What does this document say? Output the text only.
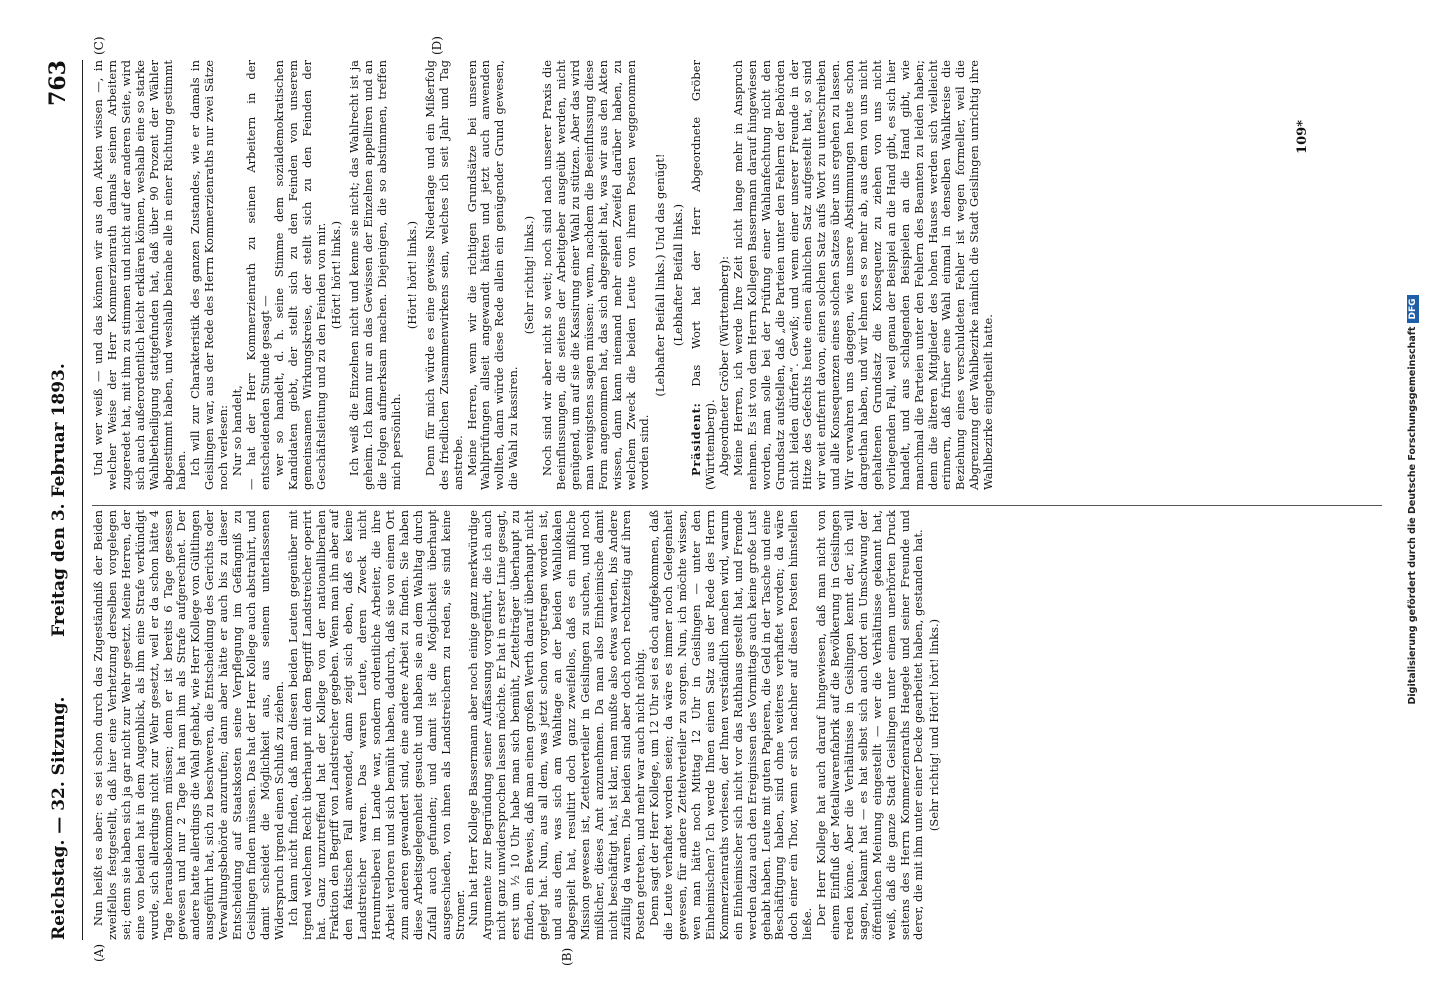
Reichstag. — 32. Sitzung.
Freitag den 3. Februar 1893.
763
(A)	(B)
(C)	(D)

Nun heißt es aber: es sei schon durch das Zugeständniß der Beiden zweifellos festgestellt, daß hier eine Verhetzung derselben vorgelegen sei; denn sie haben sich ja gar nicht zur Wehr gesetzt. Meine Herren, der eine von beiden hat in dem Augenblick, als ihm eine Strafe verkündigt wurde, sich allerdings nicht zur Wehr gesetzt, weil er da schon hätte 4 Tage herausbekommen müssen; denn er ist bereits 6 Tage gesessen gewesen und nur 2 Tage hat man ihm als Strafe aufgerechnet. Der andere hatte allerdings die Wahl gehabt, wie Herr Kollege von Gültlingen ausgeführt hat, sich zu beschweren, die Entscheidung des Gerichts oder Verwaltungsbehörde anzurufen; dann aber hätte er auch bis zu dieser Entscheidung auf Staatskosten seine Verpflegung im Gefängniß zu Geislingen finden müssen. Das hat der Herr Kollege auch abstrahirt, und damit scheidet die Möglichkeit aus, aus seinem unterlassenen Widerspruch irgend einen Schluß zu ziehen. Ich kann nicht finden, daß man diesen beiden Leuten gegenüber mit irgend welchem Recht überhaupt mit dem Begriff Landstreicher operirt hat. Ganz unzutreffend hat der Kollege von der nationalliberalen Fraktion den Begriff von Landstreicher gegeben. Wenn man ihn aber auf den faktischen Fall anwendet, dann zeigt sich eben, daß es keine Landstreicher waren. Das waren Leute, deren Zweck nicht Herumtreiberei im Lande war, sondern ordentliche Arbeiter, die ihre Arbeit verloren und sich bemüht haben, dadurch, daß sie von einem Ort zum anderen gewandert sind, eine andere Arbeit zu finden. Sie haben diese Arbeitsgelegenheit gesucht und haben sie an dem Wahltag durch Zufall auch gefunden; und damit ist die Möglichkeit überhaupt ausgeschieden, von ihnen als Landstreichern zu reden, sie sind keine Stromer. Nun hat Herr Kollege Bassermann aber noch einige ganz merkwürdige Argumente zur Begründung seiner Auffassung vorgeführt, die ich auch nicht ganz unwidersprochen lassen möchte. Er hat in erster Linie gesagt, erst um ½ 10 Uhr habe man sich bemüht, Zettelträger überhaupt zu finden, ein Beweis, daß man einen großen Werth darauf überhaupt nicht gelegt hat. Nun, aus all dem, was jetzt schon vorgetragen worden ist, und aus dem, was sich am Wahltage an der beiden Wahllokalen abgespielt hat, resultirt doch ganz zweifellos, daß es ein mißliche Mission gewesen ist, Zettelverteiler in Geislingen zu suchen, und noch mißlicher, dieses Amt anzunehmen. Da man also Einheimische damit nicht beschäftigt hat, ist klar, man mußte also etwas warten, bis Andere zufällig da waren. Die beiden sind aber doch noch rechtzeitig auf ihren Posten getreten, und mehr war auch nicht nöthig. Denn sagt der Herr Kollege, um 12 Uhr sei es doch aufgekommen, daß die Leute verhaftet worden seien; da wäre es immer noch Gelegenheit gewesen, für andere Zettelverteiler zu sorgen. Nun, ich möchte wissen, wen man hätte noch Mittag 12 Uhr in Geislingen — unter den Einheimischen? Ich werde Ihnen einen Satz aus der Rede des Herrn Kommerzienraths vorlesen, der Ihnen verständlich machen wird, warum ein Einheimischer sich nicht vor das Rathhaus gestellt hat, und Fremde werden dazu auch den Ereignissen des Vormittags auch keine große Lust gehabt haben. Leute mit guten Papieren, die Geld in der Tasche und eine Beschäftigung haben, sind ohne weiteres verhaftet worden; da wäre doch einer ein Thor, wenn er sich nachher auf diesen Posten hinstellen ließe. Der Herr Kollege hat auch darauf hingewiesen, daß man nicht von einem Einfluß der Metallwarenfabrik auf die Bevölkerung in Geislingen reden könne. Aber die Verhältnisse in Geislingen kennt der, ich will sagen, bekannt hat — es hat selbst sich auch dort ein Umschwung der öffentlichen Meinung eingestellt — wer die Verhältnisse gekannt hat, weiß, daß die ganze Stadt Geislingen unter einem unerhörten Druck seitens des Herrn Kommerzienraths Haegele und seiner Freunde und derer, die mit ihm unter einer Decke gearbeitet haben, gestanden hat. (Sehr richtig! und Hört! hört! links.)

Und wer weiß — und das können wir aus den Akten wissen —, in welcher Weise der Herr Kommerzienrath damals seinen Arbeitern zugeredet hat, mit ihm zu stimmen und nicht auf der anderen Seite, wird sich auch außerordentlich leicht erklären können, weshalb eine so starke Wahlbetheiligung stattgefunden hat, daß über 90 Prozent der Wähler abgestimmt haben, und weshalb beinahe alle in einer Richtung gestimmt haben. Ich will zur Charakteristik des ganzen Zustandes, wie er damals in Geislingen war, aus der Rede des Herrn Kommerzienraths nur zwei Sätze noch verlesen: Nur so handelt, — hat der Herr Kommerzienrath zu seinen Arbeitern in der entscheidenden Stunde gesagt — wer so handelt, d. h. seine Stimme dem sozialdemokratischen Kandidaten giebt, der stellt sich zu den Feinden von unserem gemeinsamen Wirkungskreise, der stellt sich zu den Feinden der Geschäftsleitung und zu den Feinden von mir. (Hört! hört! links.) Ich weiß die Einzelnen nicht und kenne sie nicht; das Wahlrecht ist ja geheim. Ich kann nur an das Gewissen der Einzelnen appelliren und an die Folgen aufmerksam machen. Diejenigen, die so abstimmen, treffen mich persönlich.

(Hört! hört! links.) Denn für mich würde es eine gewisse Niederlage und ein Mißerfolg des friedlichen Zusammenwirkens sein, welches ich seit Jahr und Tag anstrebe. Meine Herren, wenn wir die richtigen Grundsätze bei unseren Wahlprüfungen allseit angewandt hätten und jetzt auch anwenden wollten, dann würde diese Rede allein ein genügender Grund gewesen, die Wahl zu kassiren.

(Sehr richtig! links.) Noch sind wir aber nicht so weit; noch sind nach unserer Praxis die Beeinflussungen, die seitens der Arbeitgeber ausgeübt werden, nicht genügend, um auf sie die Kassirung einer Wahl zu stützen. Aber das wird man wenigstens sagen müssen: wenn, nachdem die Beeinflussung diese Form angenommen hat, das sich abgespielt hat, was wir aus den Akten wissen, dann kann niemand mehr einen Zweifel darüber haben, zu welchem Zweck die beiden Leute von ihrem Posten weggenommen worden sind.

(Lebhafter Beifall links.) Und das genügt! (Lebhafter Beifall links.)

Präsident: Das Wort hat der Herr Abgeordnete Gröber (Württemberg). Abgeordneter Gröber (Württemberg): Meine Herren, ich werde Ihre Zeit nicht lange mehr in Anspruch nehmen. Es ist von dem Herrn Kollegen Bassermann darauf hingewiesen worden, man solle bei der Prüfung einer Wahlanfechtung nicht den Grundsatz aufstellen, daß „die Parteien unter den Fehlern der Behörden nicht leiden dürfen“. Gewiß; und wenn einer unserer Freunde in der Hitze des Gefechts heute einen ähnlichen Satz aufgestellt hat, so sind wir weit entfernt davon, einen solchen Satz aufs Wort zu unterschreiben und alle Konsequenzen eines solchen Satzes über uns ergehen zu lassen. Wir verwahren uns dagegen, wie unsere Abstimmungen heute schon dargethan haben, und wir lehnen es so mehr ab, aus dem von uns nicht gehaltenen Grundsatz die Konsequenz zu ziehen von uns nicht vorliegenden Fall, weil genau der Beispiel an die Hand gibt, es sich hier handelt, und aus schlagenden Beispielen an die Hand gibt, wie manchmal die Parteien unter den Fehlern des Beamten zu leiden haben; denn die älteren Mitglieder des hohen Hauses werden sich vielleicht erinnern, daß früher eine Wahl einmal in denselben Wahlkreise die Beziehung eines verschuldeten Fehler ist wegen formeller, weil die Abgrenzung der Wahlbezirke nämlich die Stadt Geislingen unrichtig ihre Wahlbezirke eingetheilt hatte.

109*
Digitalisierung gefördert durch die Deutsche ForschungsgemeinschaftDFG
